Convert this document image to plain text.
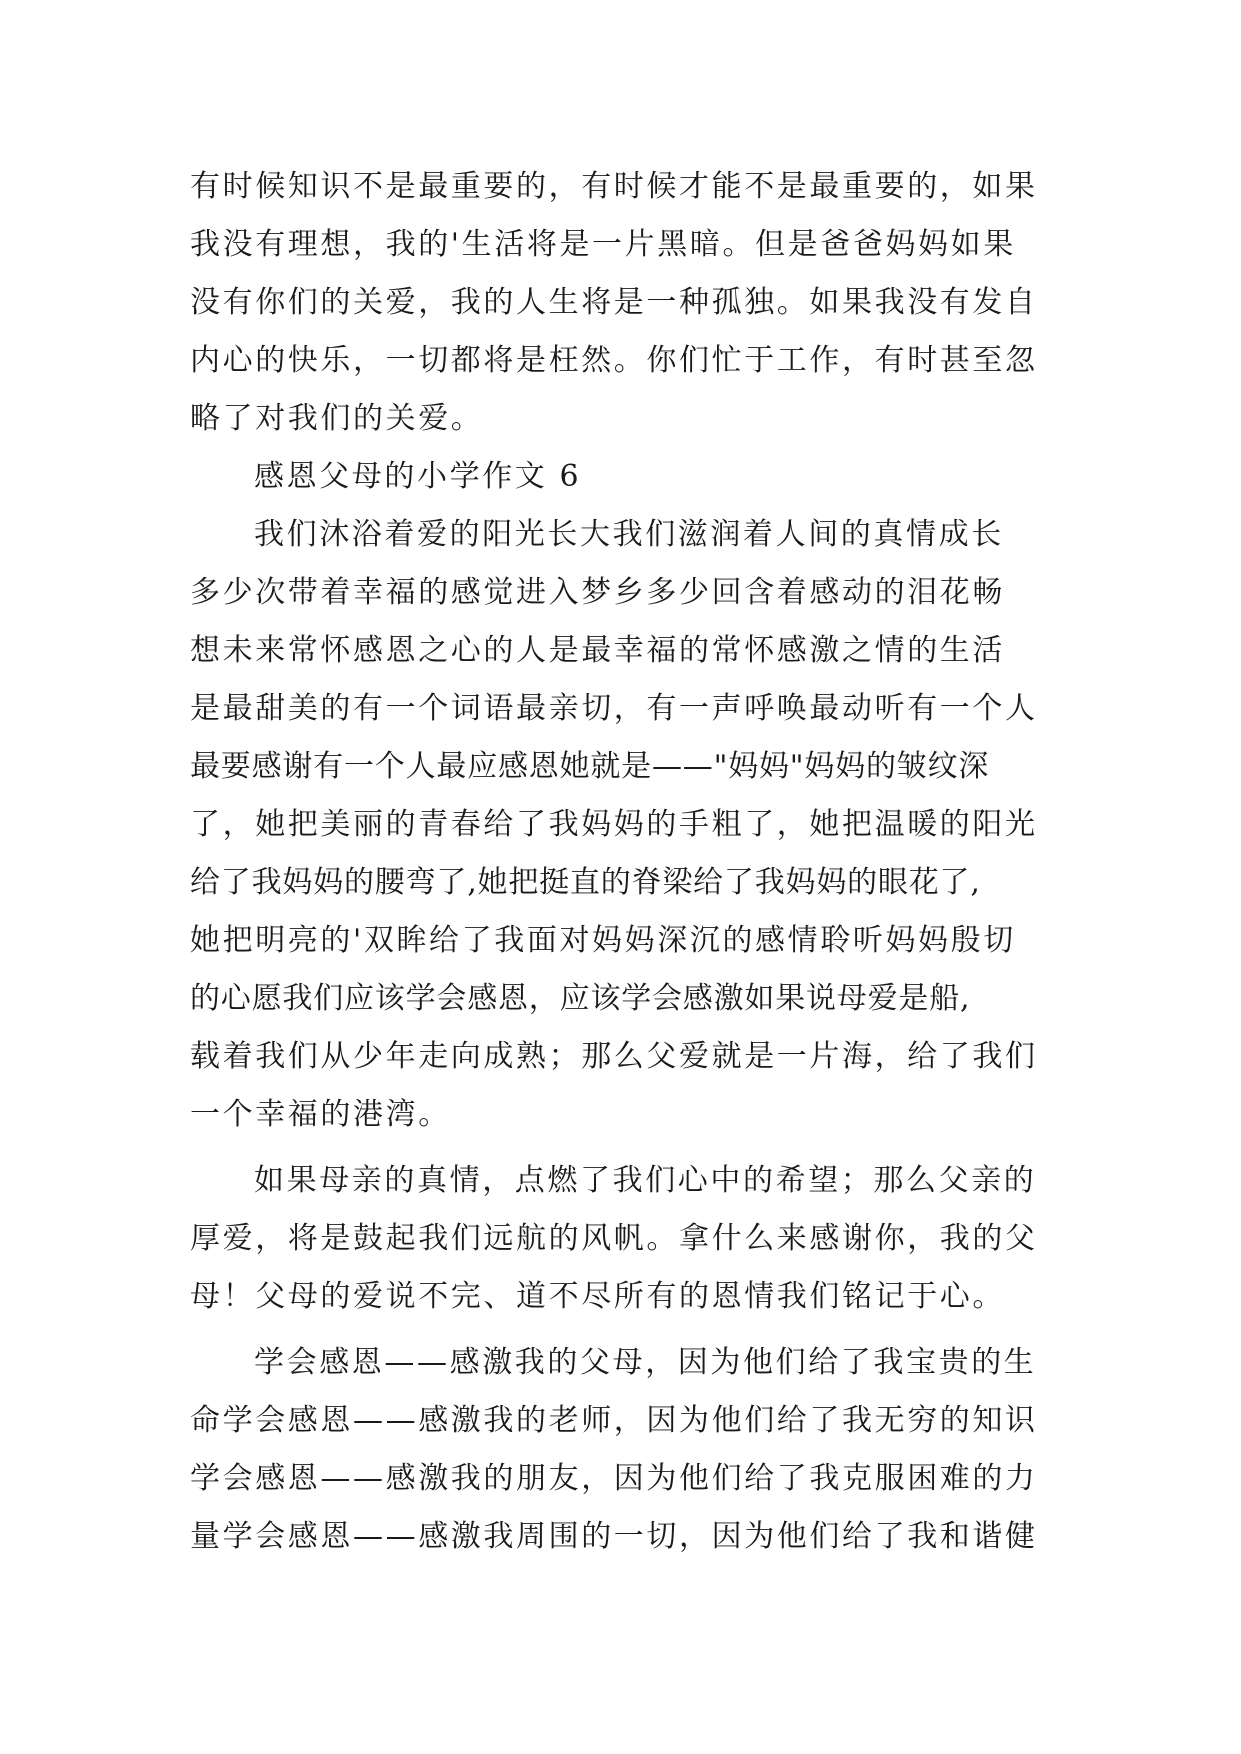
有时候知识不是最重要的，有时候才能不是最重要的，如果
我没有理想，我的'生活将是一片黑暗。但是爸爸妈妈如果
没有你们的关爱，我的人生将是一种孤独。如果我没有发自
内心的快乐，一切都将是枉然。你们忙于工作，有时甚至忽
略了对我们的关爱。
感恩父母的小学作文 6
我们沐浴着爱的阳光长大我们滋润着人间的真情成长
多少次带着幸福的感觉进入梦乡多少回含着感动的泪花畅
想未来常怀感恩之心的人是最幸福的常怀感激之情的生活
是最甜美的有一个词语最亲切，有一声呼唤最动听有一个人
最要感谢有一个人最应感恩她就是——"妈妈"妈妈的皱纹深
了，她把美丽的青春给了我妈妈的手粗了，她把温暖的阳光
给了我妈妈的腰弯了,她把挺直的脊梁给了我妈妈的眼花了,
她把明亮的'双眸给了我面对妈妈深沉的感情聆听妈妈殷切
的心愿我们应该学会感恩，应该学会感激如果说母爱是船,
载着我们从少年走向成熟；那么父爱就是一片海，给了我们
一个幸福的港湾。
如果母亲的真情，点燃了我们心中的希望；那么父亲的
厚爱，将是鼓起我们远航的风帆。拿什么来感谢你，我的父
母！父母的爱说不完、道不尽所有的恩情我们铭记于心。
学会感恩——感激我的父母，因为他们给了我宝贵的生
命学会感恩——感激我的老师，因为他们给了我无穷的知识
学会感恩——感激我的朋友，因为他们给了我克服困难的力
量学会感恩——感激我周围的一切，因为他们给了我和谐健
